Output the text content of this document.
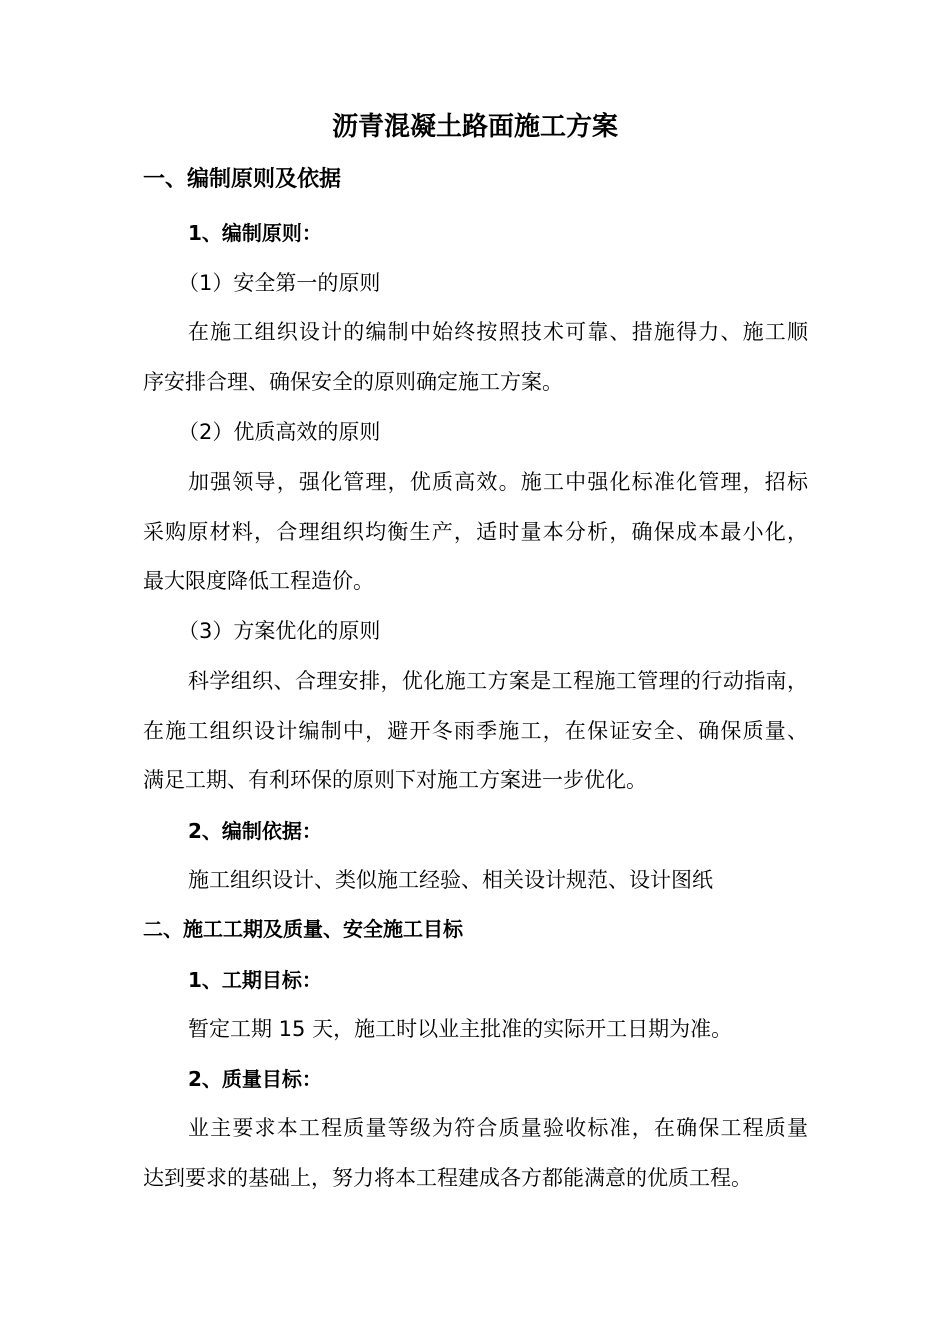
沥青混凝土路面施工方案
一、编制原则及依据
1、编制原则：
（1）安全第一的原则
在施工组织设计的编制中始终按照技术可靠、措施得力、施工顺
序安排合理、确保安全的原则确定施工方案。
（2）优质高效的原则
加强领导，强化管理，优质高效。施工中强化标准化管理，招标
采购原材料，合理组织均衡生产，适时量本分析，确保成本最小化，
最大限度降低工程造价。
（3）方案优化的原则
科学组织、合理安排，优化施工方案是工程施工管理的行动指南，
在施工组织设计编制中，避开冬雨季施工，在保证安全、确保质量、
满足工期、有利环保的原则下对施工方案进一步优化。
2、编制依据：
施工组织设计、类似施工经验、相关设计规范、设计图纸
二、施工工期及质量、安全施工目标
1、工期目标：
暂定工期 15 天，施工时以业主批准的实际开工日期为准。
2、质量目标：
业主要求本工程质量等级为符合质量验收标准，在确保工程质量
达到要求的基础上，努力将本工程建成各方都能满意的优质工程。
